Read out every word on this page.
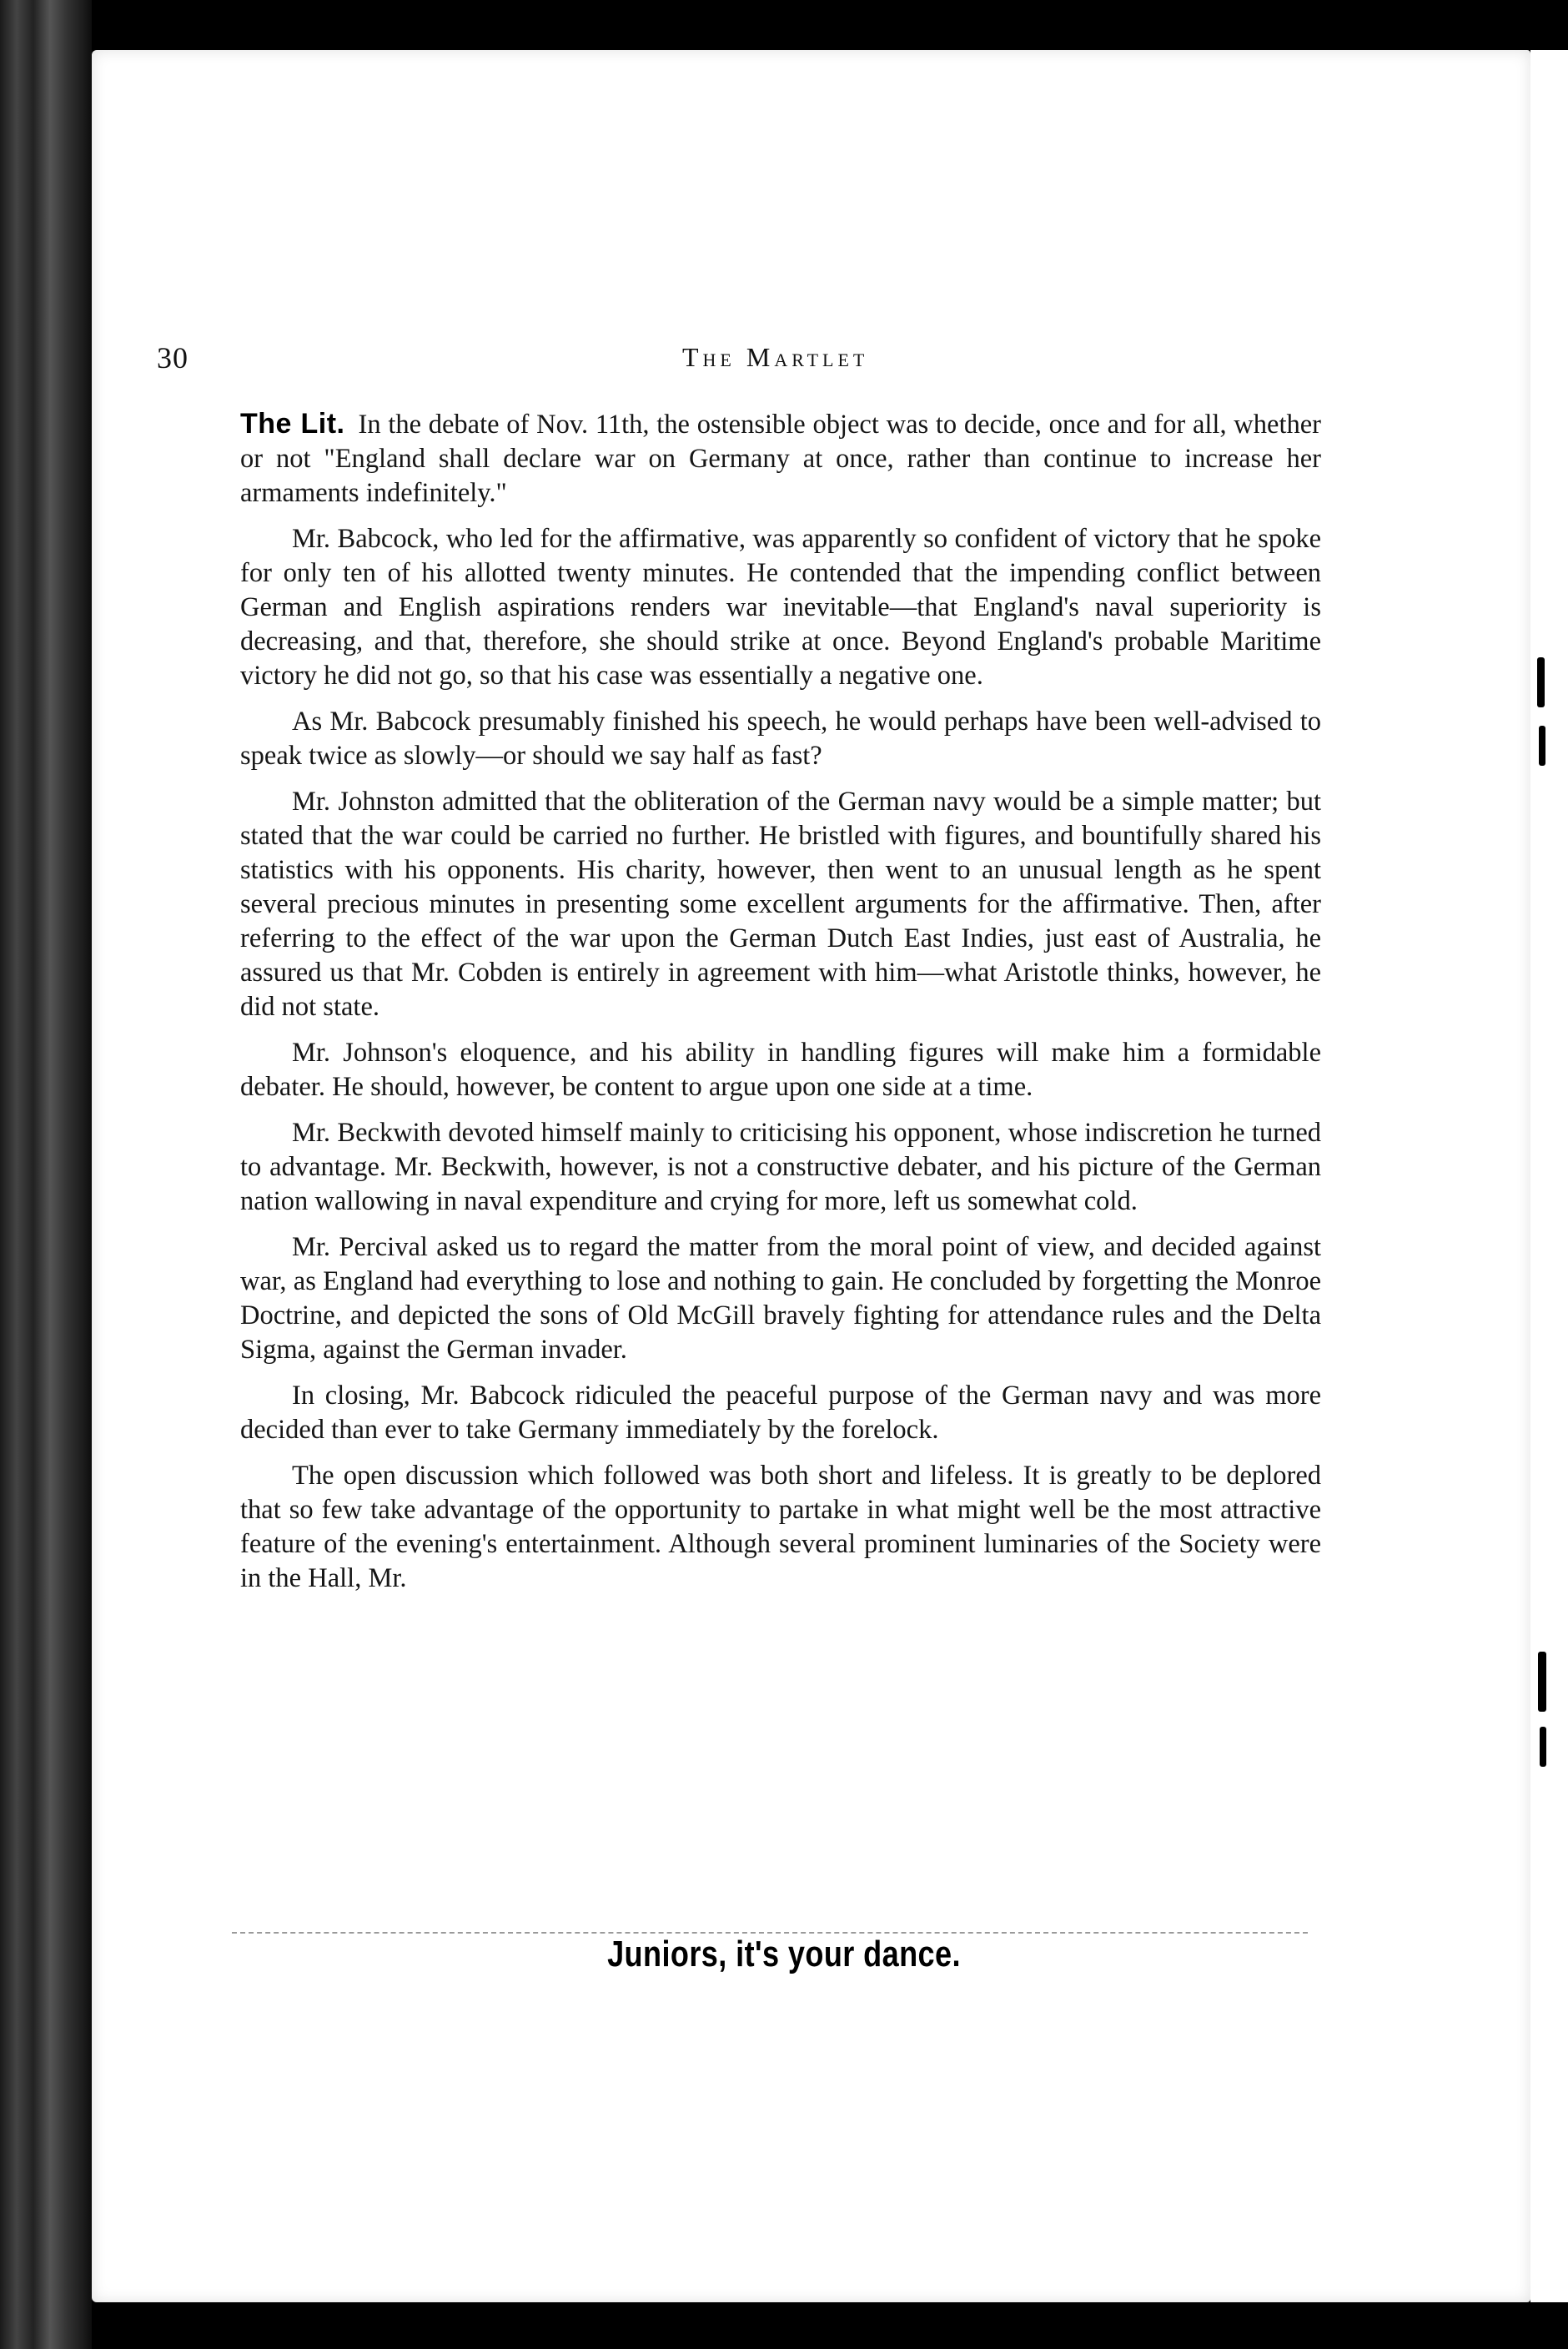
30	The Martlet

The Lit. In the debate of Nov. 11th, the ostensible object was to decide, once and for all, whether or not "England shall declare war on Germany at once, rather than continue to increase her armaments indefinitely."

Mr. Babcock, who led for the affirmative, was apparently so confident of victory that he spoke for only ten of his allotted twenty minutes. He contended that the impending conflict between German and English aspirations renders war inevitable—that England's naval superiority is decreasing, and that, therefore, she should strike at once. Beyond England's probable Maritime victory he did not go, so that his case was essentially a negative one.

As Mr. Babcock presumably finished his speech, he would perhaps have been well-advised to speak twice as slowly—or should we say half as fast?

Mr. Johnston admitted that the obliteration of the German navy would be a simple matter; but stated that the war could be carried no further. He bristled with figures, and bountifully shared his statistics with his opponents. His charity, however, then went to an unusual length as he spent several precious minutes in presenting some excellent arguments for the affirmative. Then, after referring to the effect of the war upon the German Dutch East Indies, just east of Australia, he assured us that Mr. Cobden is entirely in agreement with him—what Aristotle thinks, however, he did not state.

Mr. Johnson's eloquence, and his ability in handling figures will make him a formidable debater. He should, however, be content to argue upon one side at a time.

Mr. Beckwith devoted himself mainly to criticising his opponent, whose indiscretion he turned to advantage. Mr. Beckwith, however, is not a constructive debater, and his picture of the German nation wallowing in naval expenditure and crying for more, left us somewhat cold.

Mr. Percival asked us to regard the matter from the moral point of view, and decided against war, as England had everything to lose and nothing to gain. He concluded by forgetting the Monroe Doctrine, and depicted the sons of Old McGill bravely fighting for attendance rules and the Delta Sigma, against the German invader.

In closing, Mr. Babcock ridiculed the peaceful purpose of the German navy and was more decided than ever to take Germany immediately by the forelock.

The open discussion which followed was both short and lifeless. It is greatly to be deplored that so few take advantage of the opportunity to partake in what might well be the most attractive feature of the evening's entertainment. Although several prominent luminaries of the Society were in the Hall, Mr.

Juniors, it's your dance.
